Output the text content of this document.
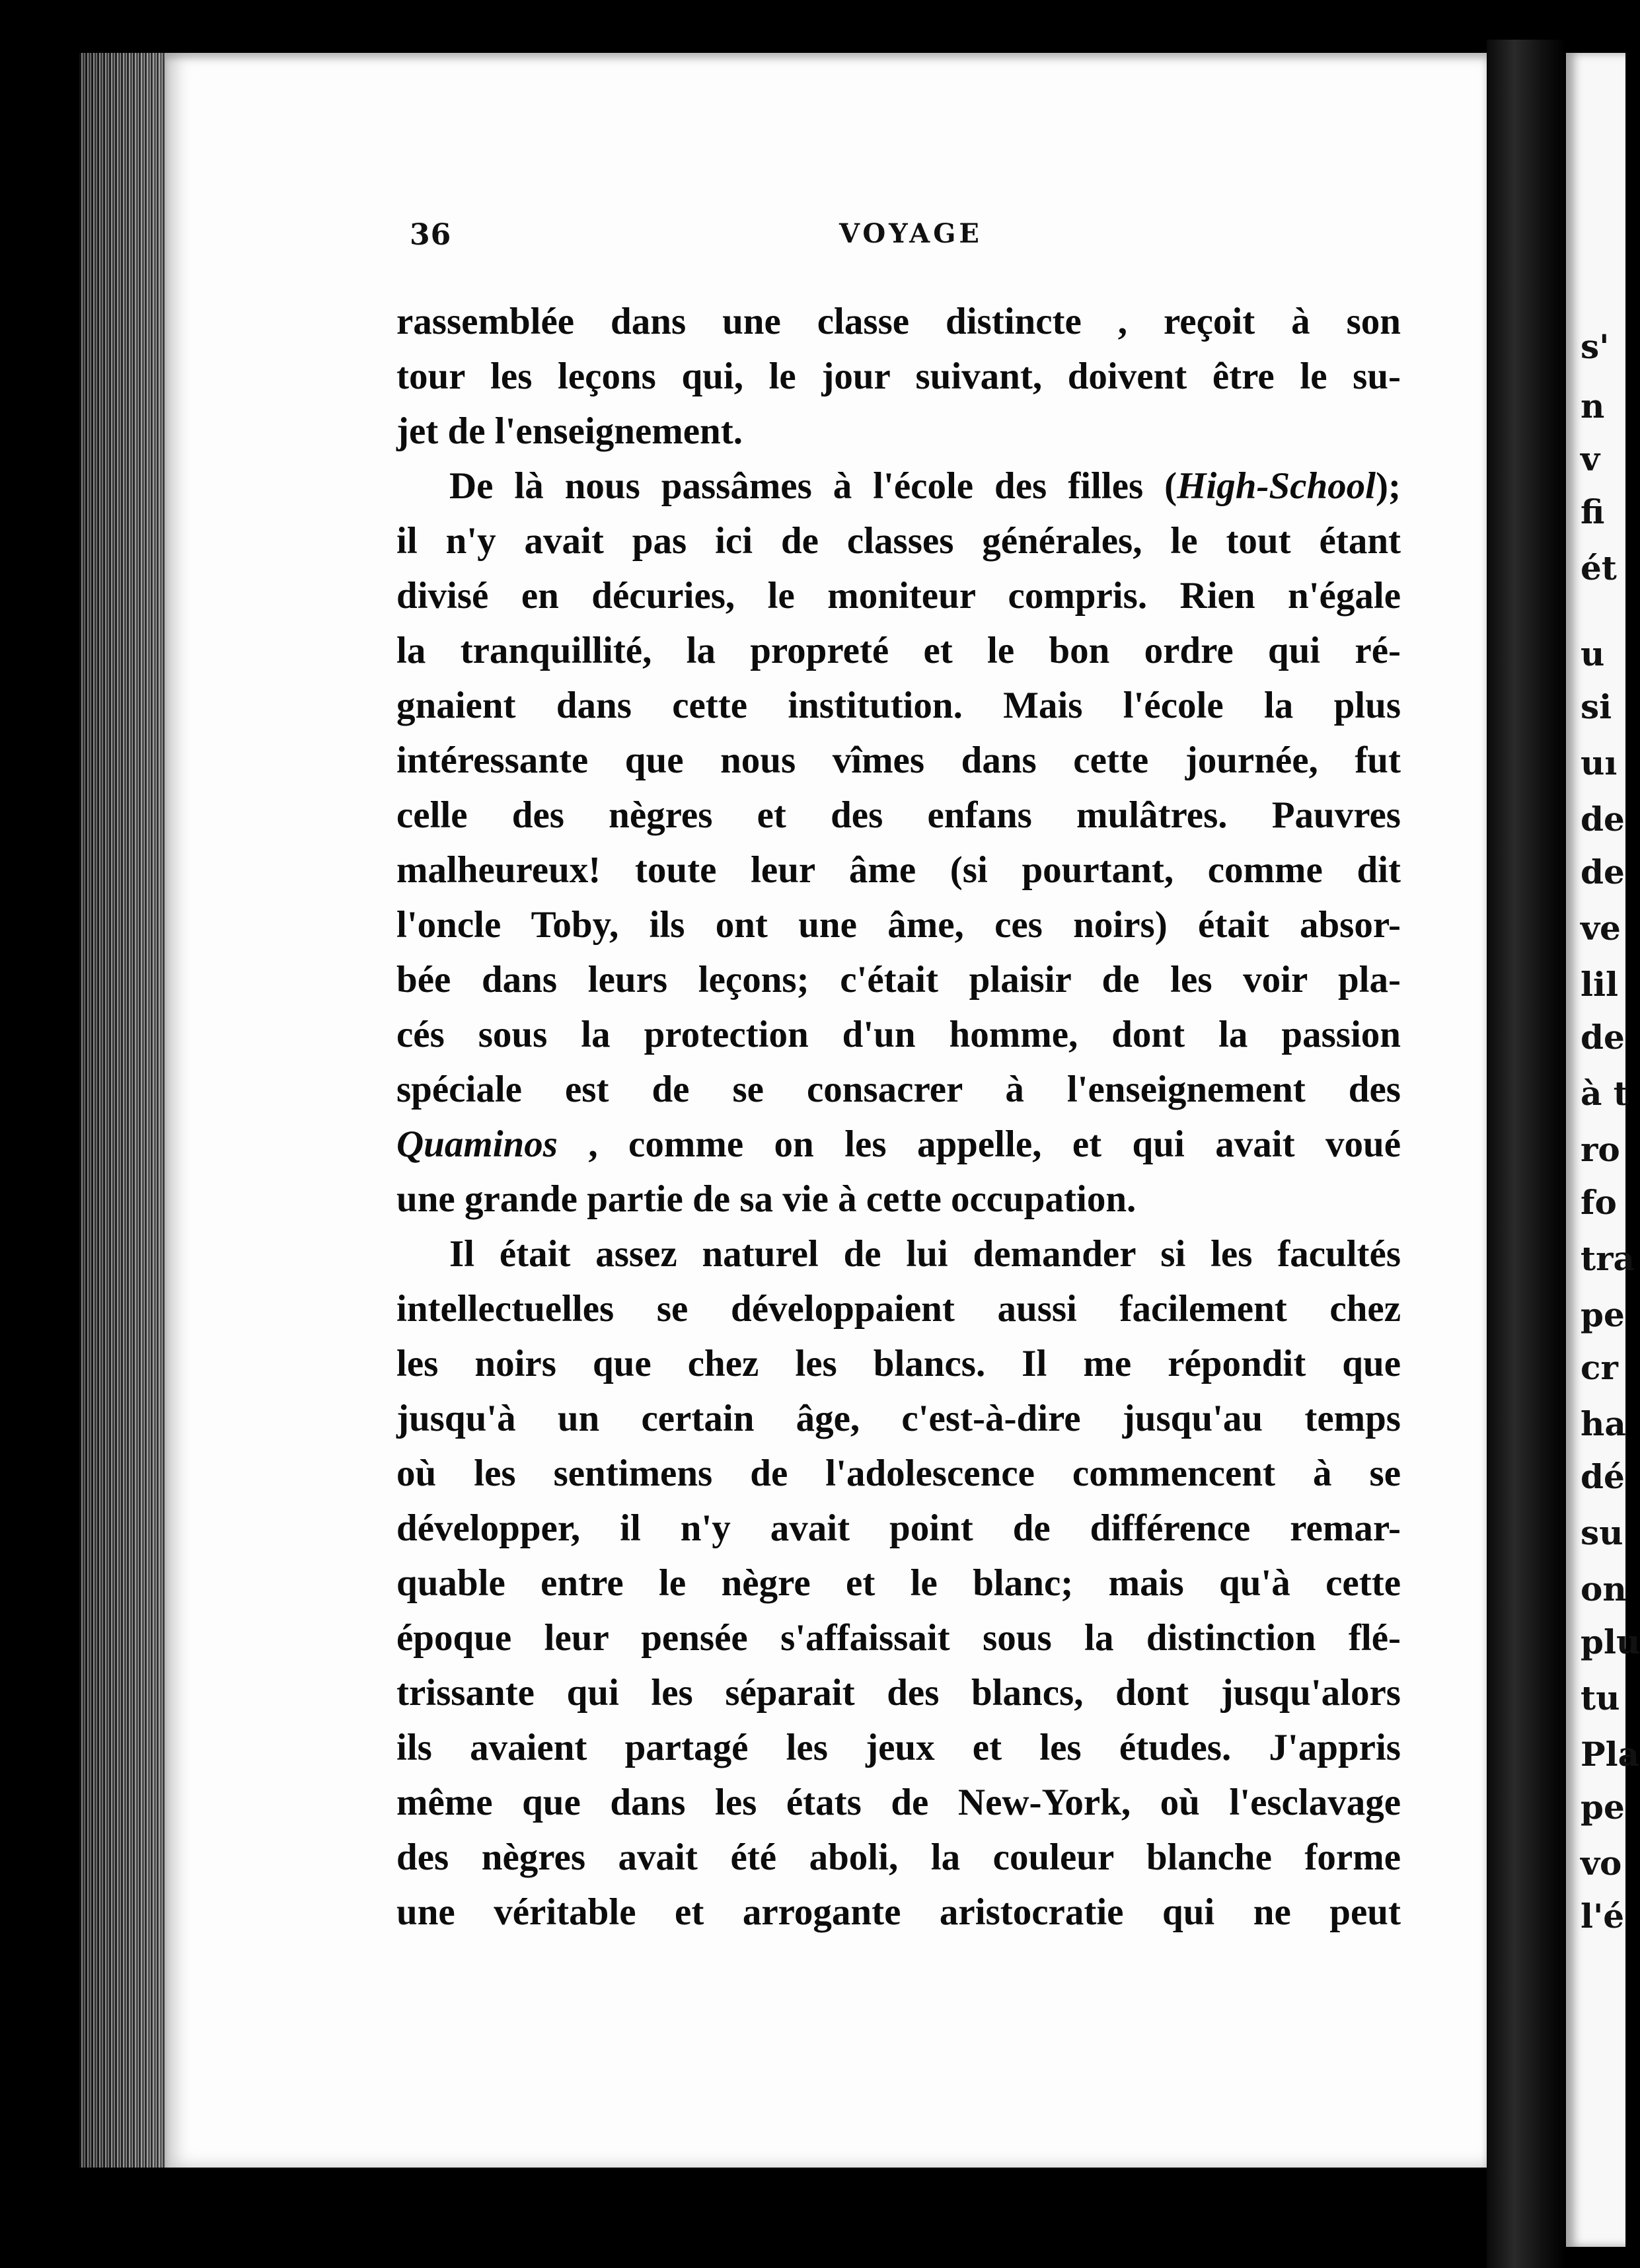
36	VOYAGE
rassemblée dans une classe distincte , reçoit à son
tour les leçons qui, le jour suivant, doivent être le su-
jet de l'enseignement.
De là nous passâmes à l'école des filles (High-School);
il n'y avait pas ici de classes générales, le tout étant
divisé en décuries, le moniteur compris. Rien n'égale
la tranquillité, la propreté et le bon ordre qui ré-
gnaient dans cette institution. Mais l'école la plus
intéressante que nous vîmes dans cette journée, fut
celle des nègres et des enfans mulâtres. Pauvres
malheureux! toute leur âme (si pourtant, comme dit
l'oncle Toby, ils ont une âme, ces noirs) était absor-
bée dans leurs leçons; c'était plaisir de les voir pla-
cés sous la protection d'un homme, dont la passion
spéciale est de se consacrer à l'enseignement des
Quaminos , comme on les appelle, et qui avait voué
une grande partie de sa vie à cette occupation.
Il était assez naturel de lui demander si les facultés
intellectuelles se développaient aussi facilement chez
les noirs que chez les blancs. Il me répondit que
jusqu'à un certain âge, c'est-à-dire jusqu'au temps
où les sentimens de l'adolescence commencent à se
développer, il n'y avait point de différence remar-
quable entre le nègre et le blanc; mais qu'à cette
époque leur pensée s'affaissait sous la distinction flé-
trissante qui les séparait des blancs, dont jusqu'alors
ils avaient partagé les jeux et les études. J'appris
même que dans les états de New-York, où l'esclavage
des nègres avait été aboli, la couleur blanche forme
une véritable et arrogante aristocratie qui ne peut
s'
n
v
fi
ét
u
si
uı
de
de
ve
lil
de
à t
ro
fo
tra
pe
cr
ha
dé
su
on
plu
tu
Pla
pe
vo
l'é
